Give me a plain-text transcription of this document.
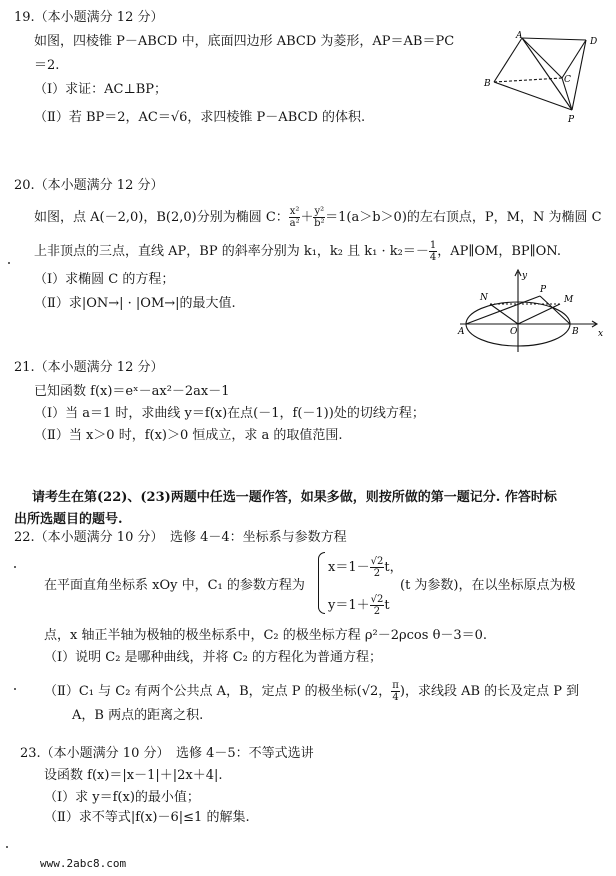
19.（本小题满分 12 分）
如图，四棱锥 P－ABCD 中，底面四边形 ABCD 为菱形，AP＝AB＝PC
＝2.
（Ⅰ）求证：AC⊥BP；
（Ⅱ）若 BP＝2，AC＝√6，求四棱锥 P－ABCD 的体积.
A
D
B	C
P
20.（本小题满分 12 分）
如图，点 A(－2,0)，B(2,0)分别为椭圆 C： $\frac{\text{x²}}{\text{a²}} + \frac{\text{y²}}{\text{b²}} =1(a>b>0)$的左右顶点，P，M，N 为椭圆 C
上非顶点的三点，直线 AP，BP 的斜率分别为 k₁，k₂ 且 $k_1 \cdot k_2=- \frac{1}{4}$ ，AP∥OM，BP∥ON.
（Ⅰ）求椭圆 C 的方程；
（Ⅱ）求|ON→| · |OM→|的最大值.
y
x
N
P
M
A	O	B
21.（本小题满分 12 分）
已知函数 f(x)＝eˣ－ax²－2ax－1
（Ⅰ）当 a＝1 时，求曲线 y＝f(x)在点(－1，f(－1))处的切线方程；
（Ⅱ）当 x＞0 时，f(x)＞0 恒成立，求 a 的取值范围.
请考生在第(22)、(23)两题中任选一题作答，如果多做，则按所做的第一题记分. 作答时标
出所选题目的题号.
22.（本小题满分 10 分）　选修 4－4：坐标系与参数方程
在平面直角坐标系 xOy 中，C₁ 的参数方程为
$x=1- \frac{√2}{2}$ t，
$y=1+ \frac{√2}{2}$ t
(t 为参数)，在以坐标原点为极
点，x 轴正半轴为极轴的极坐标系中，C₂ 的极坐标方程 ρ²－2ρcos θ－3＝0.
（Ⅰ）说明 C₂ 是哪种曲线，并将 C₂ 的方程化为普通方程；
（Ⅱ）C₁ 与 C₂ 有两个公共点 A，B，定点 P 的极坐标(√2， $\frac{\pi}{4}$ )，求线段 AB 的长及定点 P 到
A，B 两点的距离之积.
23.（本小题满分 10 分）　选修 4－5：不等式选讲
设函数 f(x)＝|x－1|＋|2x＋4|.
（Ⅰ）求 y＝f(x)的最小值；
（Ⅱ）求不等式|f(x)－6|≤1 的解集.
www.2abc8.com
